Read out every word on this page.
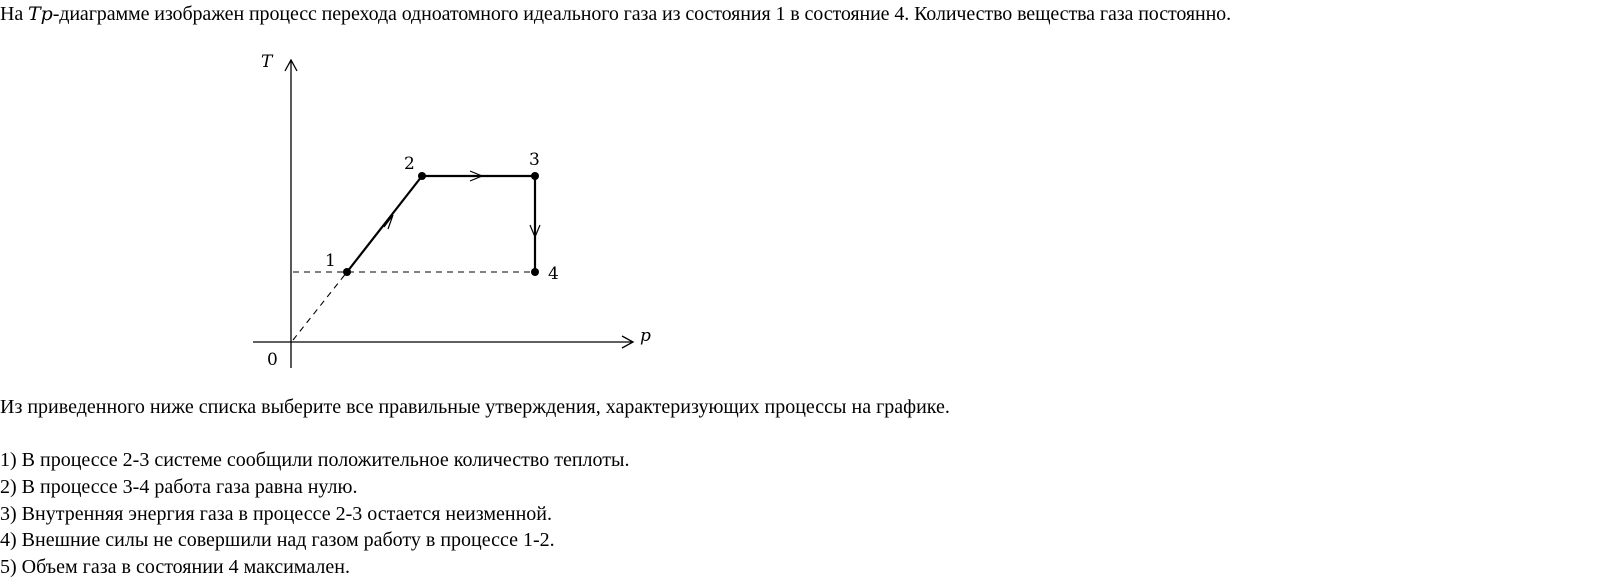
На Tp-диаграмме изображен процесс перехода одноатомного идеального газа из состояния 1 в состояние 4. Количество вещества газа постоянно.
T
p
0
1
2	3
4
Из приведенного ниже списка выберите все правильные утверждения, характеризующих процессы на графике.
1) В процессе 2-3 системе сообщили положительное количество теплоты.
2) В процессе 3-4 работа газа равна нулю.
3) Внутренняя энергия газа в процессе 2-3 остается неизменной.
4) Внешние силы не совершили над газом работу в процессе 1-2.
5) Объем газа в состоянии 4 максимален.
